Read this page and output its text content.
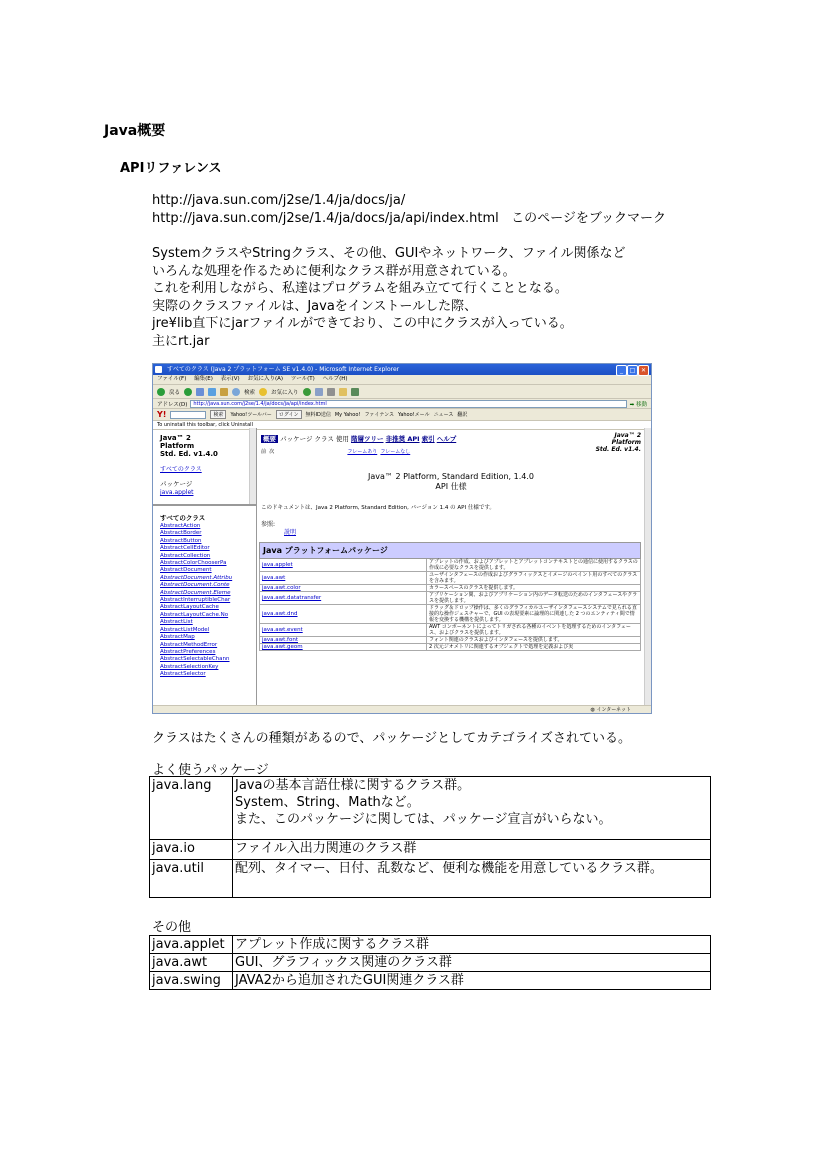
Java概要
APIリファレンス
http://java.sun.com/j2se/1.4/ja/docs/ja/
http://java.sun.com/j2se/1.4/ja/docs/ja/api/index.html このページをブックマーク
SystemクラスやStringクラス、その他、GUIやネットワーク、ファイル関係など
いろんな処理を作るために便利なクラス群が用意されている。
これを利用しながら、私達はプログラムを組み立てて行くこととなる。
実際のクラスファイルは、Javaをインストールした際、
jre¥lib直下にjarファイルができており、この中にクラスが入っている。
主にrt.jar
すべてのクラス (Java 2 プラットフォーム SE v1.4.0) - Microsoft Internet Explorer	_	□ ✕
ファイル(F) 編集(E) 表示(V) お気に入り(A) ツール(T) ヘルプ(H)
戻る	検索	お気に入り
アドレス(D)	http://java.sun.com/j2se/1.4/ja/docs/ja/api/index.html	➡ 移動
Y!	検索	Yahoo!ツールバー	ログイン	無料ID送信 My Yahoo! ファイナンス Yahoo!メール ニュース 翻訳
To uninstall this toolbar, click Uninstall
Java™ 2
Platform
Std. Ed. v1.4.0
すべてのクラス
パッケージ
java.applet
すべてのクラス
AbstractAction
AbstractBorder
AbstractButton
AbstractCellEditor
AbstractCollection
AbstractColorChooserPa
AbstractDocument
AbstractDocument.Attribu
AbstractDocument.Conte
AbstractDocument.Eleme
AbstractInterruptibleChar
AbstractLayoutCache
AbstractLayoutCache.No
AbstractList
AbstractListModel
AbstractMap
AbstractMethodError
AbstractPreferences
AbstractSelectableChann
AbstractSelectionKey
AbstractSelector
概要 パッケージ クラス 使用 階層ツリー 非推奨 API 索引 ヘルプ	Java™ 2
Platform
Std. Ed. v1.4.
前 次	フレームあり フレームなし
Java™ 2 Platform, Standard Edition, 1.4.0
API 仕様
このドキュメントは、Java 2 Platform, Standard Edition, バージョン 1.4 の API 仕様です。
参照:
説明
Java プラットフォームパッケージ	
java.applet	アプレットの作成、およびアプレットとアプレットコンテキストとの通信に使用するクラスの作成に必要なクラスを提供します。
java.awt	ユーザインタフェースの作成およびグラフィックスとイメージのペイント用のすべてのクラスを含みます。
java.awt.color	カラースペースのクラスを提供します。
java.awt.datatransfer	アプリケーション間、およびアプリケーション内のデータ転送のためのインタフェースやクラスを提供します。
java.awt.dnd	ドラッグ＆ドロップ操作は、多くのグラフィカルユーザインタフェースシステムで見られる直接的な操作ジェスチャーで、GUI の表現要素に論理的に関連した 2 つのエンティティ間で情報を変換する機構を提供します。
java.awt.event	AWT コンポーネントによってトリガされる各種のイベントを処理するためのインタフェース、およびクラスを提供します。
java.awt.font	フォント関連のクラスおよびインタフェースを提供します。
java.awt.geom	2 次元ジオメトリに関連するオブジェクトで処理を定義および実
◍ インターネット
クラスはたくさんの種類があるので、パッケージとしてカテゴライズされている。
よく使うパッケージ
java.lang	Javaの基本言語仕様に関するクラス群。
System、String、Mathなど。
また、このパッケージに関しては、パッケージ宣言がいらない。

java.io	ファイル入出力関連のクラス群
java.util	配列、タイマー、日付、乱数など、便利な機能を用意しているクラス群。
その他
java.applet	アプレット作成に関するクラス群
java.awt	GUI、グラフィックス関連のクラス群
java.swing	JAVA2から追加されたGUI関連クラス群
